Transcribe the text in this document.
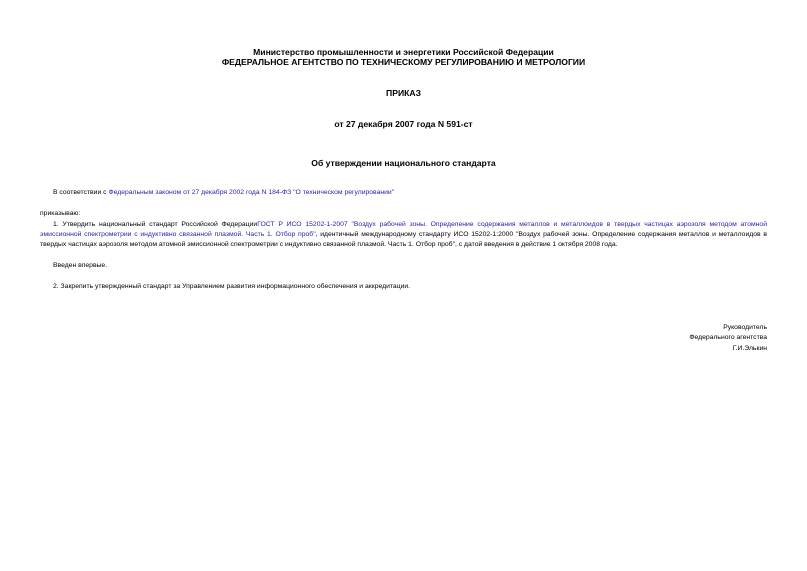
Министерство промышленности и энергетики Российской Федерации
ФЕДЕРАЛЬНОЕ АГЕНТСТВО ПО ТЕХНИЧЕСКОМУ РЕГУЛИРОВАНИЮ И МЕТРОЛОГИИ
ПРИКАЗ
от 27 декабря 2007 года N 591-ст
Об утверждении национального стандарта
В соответствии с Федеральным законом от 27 декабря 2002 года N 184-ФЗ "О техническом регулировании"
приказываю:
1. Утвердить национальный стандарт Российской ФедерацииГОСТ Р ИСО 15202-1-2007 "Воздух рабочей зоны. Определение содержания металлов и металлоидов в твердых частицах аэрозоля методом атомной эмиссионной спектрометрии с индуктивно связанной плазмой. Часть 1. Отбор проб", идентичный международному стандарту ИСО 15202-1:2000 "Воздух рабочей зоны. Определение содержания металлов и металлоидов в твердых частицах аэрозоля методом атомной эмиссионной спектрометрии с индуктивно связанной плазмой. Часть 1. Отбор проб", с датой введения в действие 1 октября 2008 года.
Введен впервые.
2. Закрепить утвержденный стандарт за Управлением развития информационного обеспечения и аккредитации.
Руководитель
Федерального агентства
Г.И.Элькин
